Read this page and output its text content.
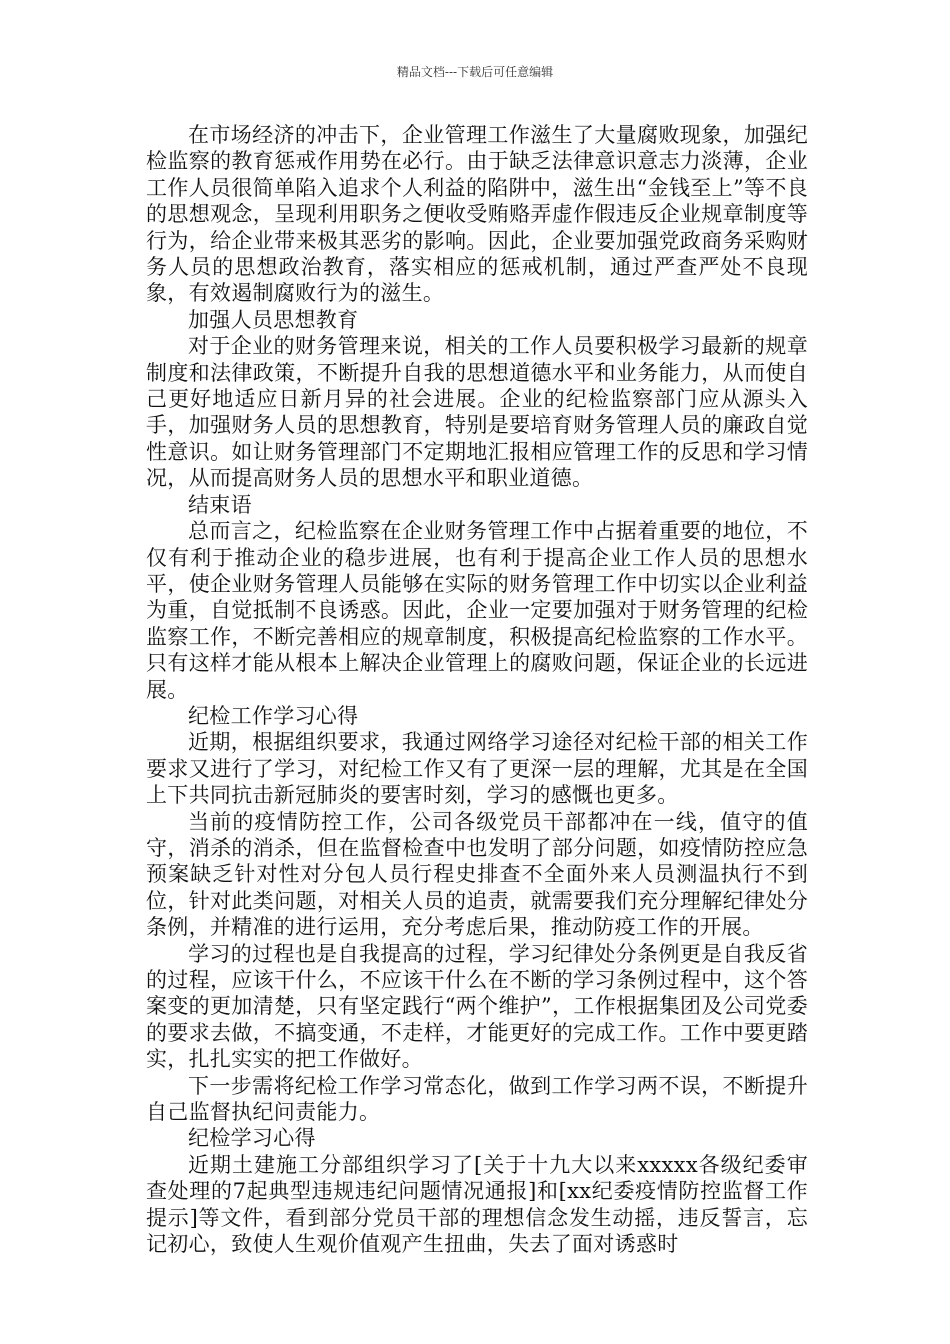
精品文档---下载后可任意编辑

在市场经济的冲击下，企业管理工作滋生了大量腐败现象，加强纪检监察的教育惩戒作用势在必行。由于缺乏法律意识意志力淡薄，企业工作人员很简单陷入追求个人利益的陷阱中，滋生出“金钱至上”等不良的思想观念，呈现利用职务之便收受贿赂弄虚作假违反企业规章制度等行为，给企业带来极其恶劣的影响。因此，企业要加强党政商务采购财务人员的思想政治教育，落实相应的惩戒机制，通过严查严处不良现象，有效遏制腐败行为的滋生。

加强人员思想教育

对于企业的财务管理来说，相关的工作人员要积极学习最新的规章制度和法律政策，不断提升自我的思想道德水平和业务能力，从而使自己更好地适应日新月异的社会进展。企业的纪检监察部门应从源头入手，加强财务人员的思想教育，特别是要培育财务管理人员的廉政自觉性意识。如让财务管理部门不定期地汇报相应管理工作的反思和学习情况，从而提高财务人员的思想水平和职业道德。

结束语

总而言之，纪检监察在企业财务管理工作中占据着重要的地位，不仅有利于推动企业的稳步进展，也有利于提高企业工作人员的思想水平，使企业财务管理人员能够在实际的财务管理工作中切实以企业利益为重，自觉抵制不良诱惑。因此，企业一定要加强对于财务管理的纪检监察工作，不断完善相应的规章制度，积极提高纪检监察的工作水平。只有这样才能从根本上解决企业管理上的腐败问题，保证企业的长远进展。

纪检工作学习心得

近期，根据组织要求，我通过网络学习途径对纪检干部的相关工作要求又进行了学习，对纪检工作又有了更深一层的理解，尤其是在全国上下共同抗击新冠肺炎的要害时刻，学习的感慨也更多。

当前的疫情防控工作，公司各级党员干部都冲在一线，值守的值守，消杀的消杀，但在监督检查中也发明了部分问题，如疫情防控应急预案缺乏针对性对分包人员行程史排查不全面外来人员测温执行不到位，针对此类问题，对相关人员的追责，就需要我们充分理解纪律处分条例，并精准的进行运用，充分考虑后果，推动防疫工作的开展。

学习的过程也是自我提高的过程，学习纪律处分条例更是自我反省的过程，应该干什么，不应该干什么在不断的学习条例过程中，这个答案变的更加清楚，只有坚定践行“两个维护”，工作根据集团及公司党委的要求去做，不搞变通，不走样，才能更好的完成工作。工作中要更踏实，扎扎实实的把工作做好。

下一步需将纪检工作学习常态化，做到工作学习两不误，不断提升自己监督执纪问责能力。

纪检学习心得

近期土建施工分部组织学习了[关于十九大以来xxxxx各级纪委审查处理的7起典型违规违纪问题情况通报]和[xx纪委疫情防控监督工作提示]等文件，看到部分党员干部的理想信念发生动摇，违反誓言，忘记初心，致使人生观价值观产生扭曲，失去了面对诱惑时
